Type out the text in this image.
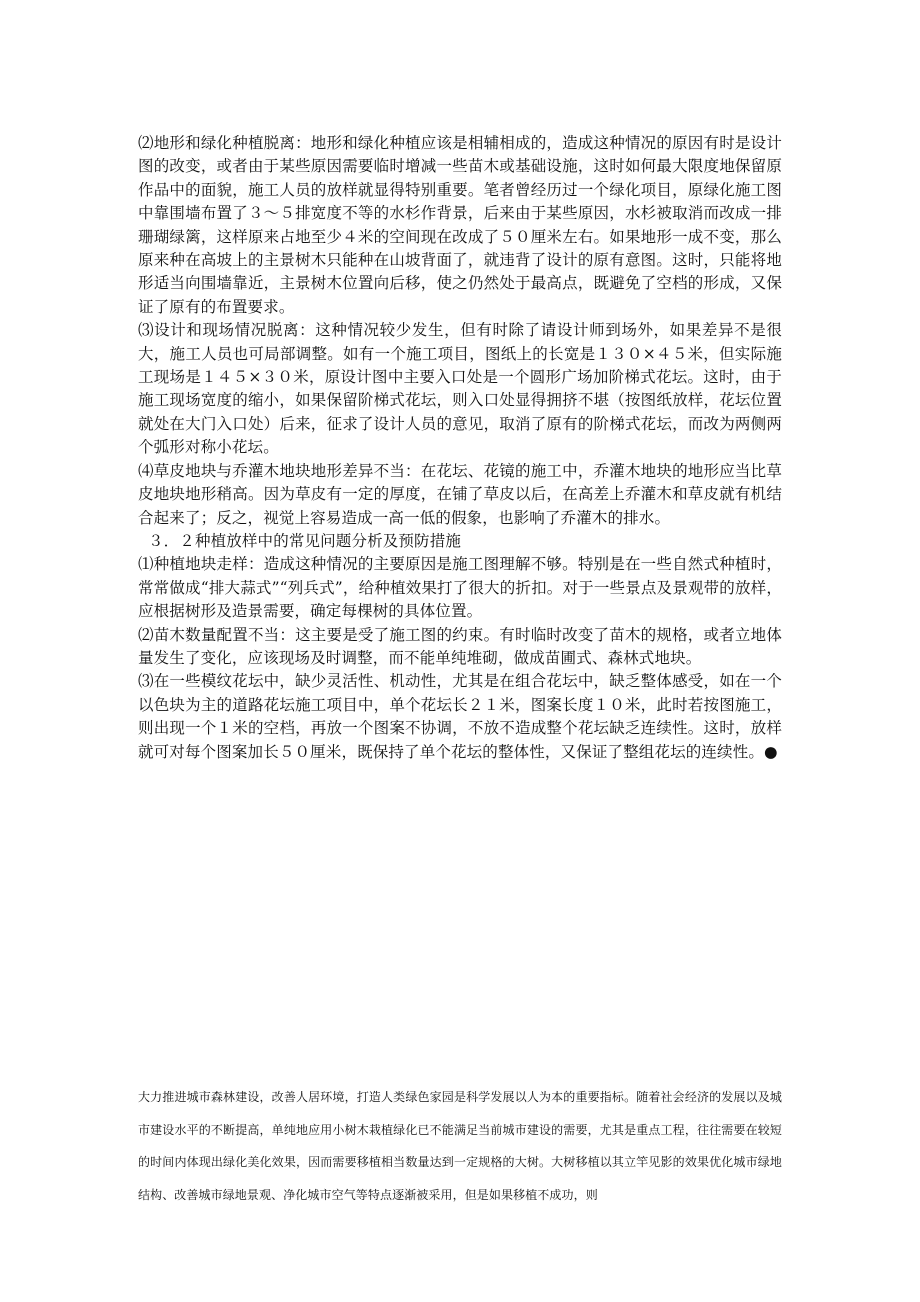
⑵地形和绿化种植脱离：地形和绿化种植应该是相辅相成的，造成这种情况的原因有时是设计图的改变，或者由于某些原因需要临时增减一些苗木或基础设施，这时如何最大限度地保留原作品中的面貌，施工人员的放样就显得特别重要。笔者曾经历过一个绿化项目，原绿化施工图中靠围墙布置了３～５排宽度不等的水杉作背景，后来由于某些原因，水杉被取消而改成一排珊瑚绿篱，这样原来占地至少４米的空间现在改成了５０厘米左右。如果地形一成不变，那么原来种在高坡上的主景树木只能种在山坡背面了，就违背了设计的原有意图。这时，只能将地形适当向围墙靠近，主景树木位置向后移，使之仍然处于最高点，既避免了空档的形成，又保证了原有的布置要求。

⑶设计和现场情况脱离：这种情况较少发生，但有时除了请设计师到场外，如果差异不是很大，施工人员也可局部调整。如有一个施工项目，图纸上的长宽是１３０×４５米，但实际施工现场是１４５×３０米，原设计图中主要入口处是一个圆形广场加阶梯式花坛。这时，由于施工现场宽度的缩小，如果保留阶梯式花坛，则入口处显得拥挤不堪（按图纸放样，花坛位置就处在大门入口处）后来，征求了设计人员的意见，取消了原有的阶梯式花坛，而改为两侧两个弧形对称小花坛。

⑷草皮地块与乔灌木地块地形差异不当：在花坛、花镜的施工中，乔灌木地块的地形应当比草皮地块地形稍高。因为草皮有一定的厚度，在铺了草皮以后，在高差上乔灌木和草皮就有机结合起来了；反之，视觉上容易造成一高一低的假象，也影响了乔灌木的排水。

３．２种植放样中的常见问题分析及预防措施

⑴种植地块走样：造成这种情况的主要原因是施工图理解不够。特别是在一些自然式种植时，常常做成“排大蒜式”“列兵式”，给种植效果打了很大的折扣。对于一些景点及景观带的放样，应根据树形及造景需要，确定每棵树的具体位置。

⑵苗木数量配置不当：这主要是受了施工图的约束。有时临时改变了苗木的规格，或者立地体量发生了变化，应该现场及时调整，而不能单纯堆砌，做成苗圃式、森林式地块。

⑶在一些模纹花坛中，缺少灵活性、机动性，尤其是在组合花坛中，缺乏整体感受，如在一个以色块为主的道路花坛施工项目中，单个花坛长２１米，图案长度１０米，此时若按图施工，则出现一个１米的空档，再放一个图案不协调，不放不造成整个花坛缺乏连续性。这时，放样就可对每个图案加长５０厘米，既保持了单个花坛的整体性，又保证了整组花坛的连续性。●

大力推进城市森林建设，改善人居环境，打造人类绿色家园是科学发展以人为本的重要指标。随着社会经济的发展以及城市建设水平的不断提高，单纯地应用小树木栽植绿化已不能满足当前城市建设的需要，尤其是重点工程，往往需要在较短的时间内体现出绿化美化效果，因而需要移植相当数量达到一定规格的大树。大树移植以其立竿见影的效果优化城市绿地结构、改善城市绿地景观、净化城市空气等特点逐渐被采用，但是如果移植不成功，则
